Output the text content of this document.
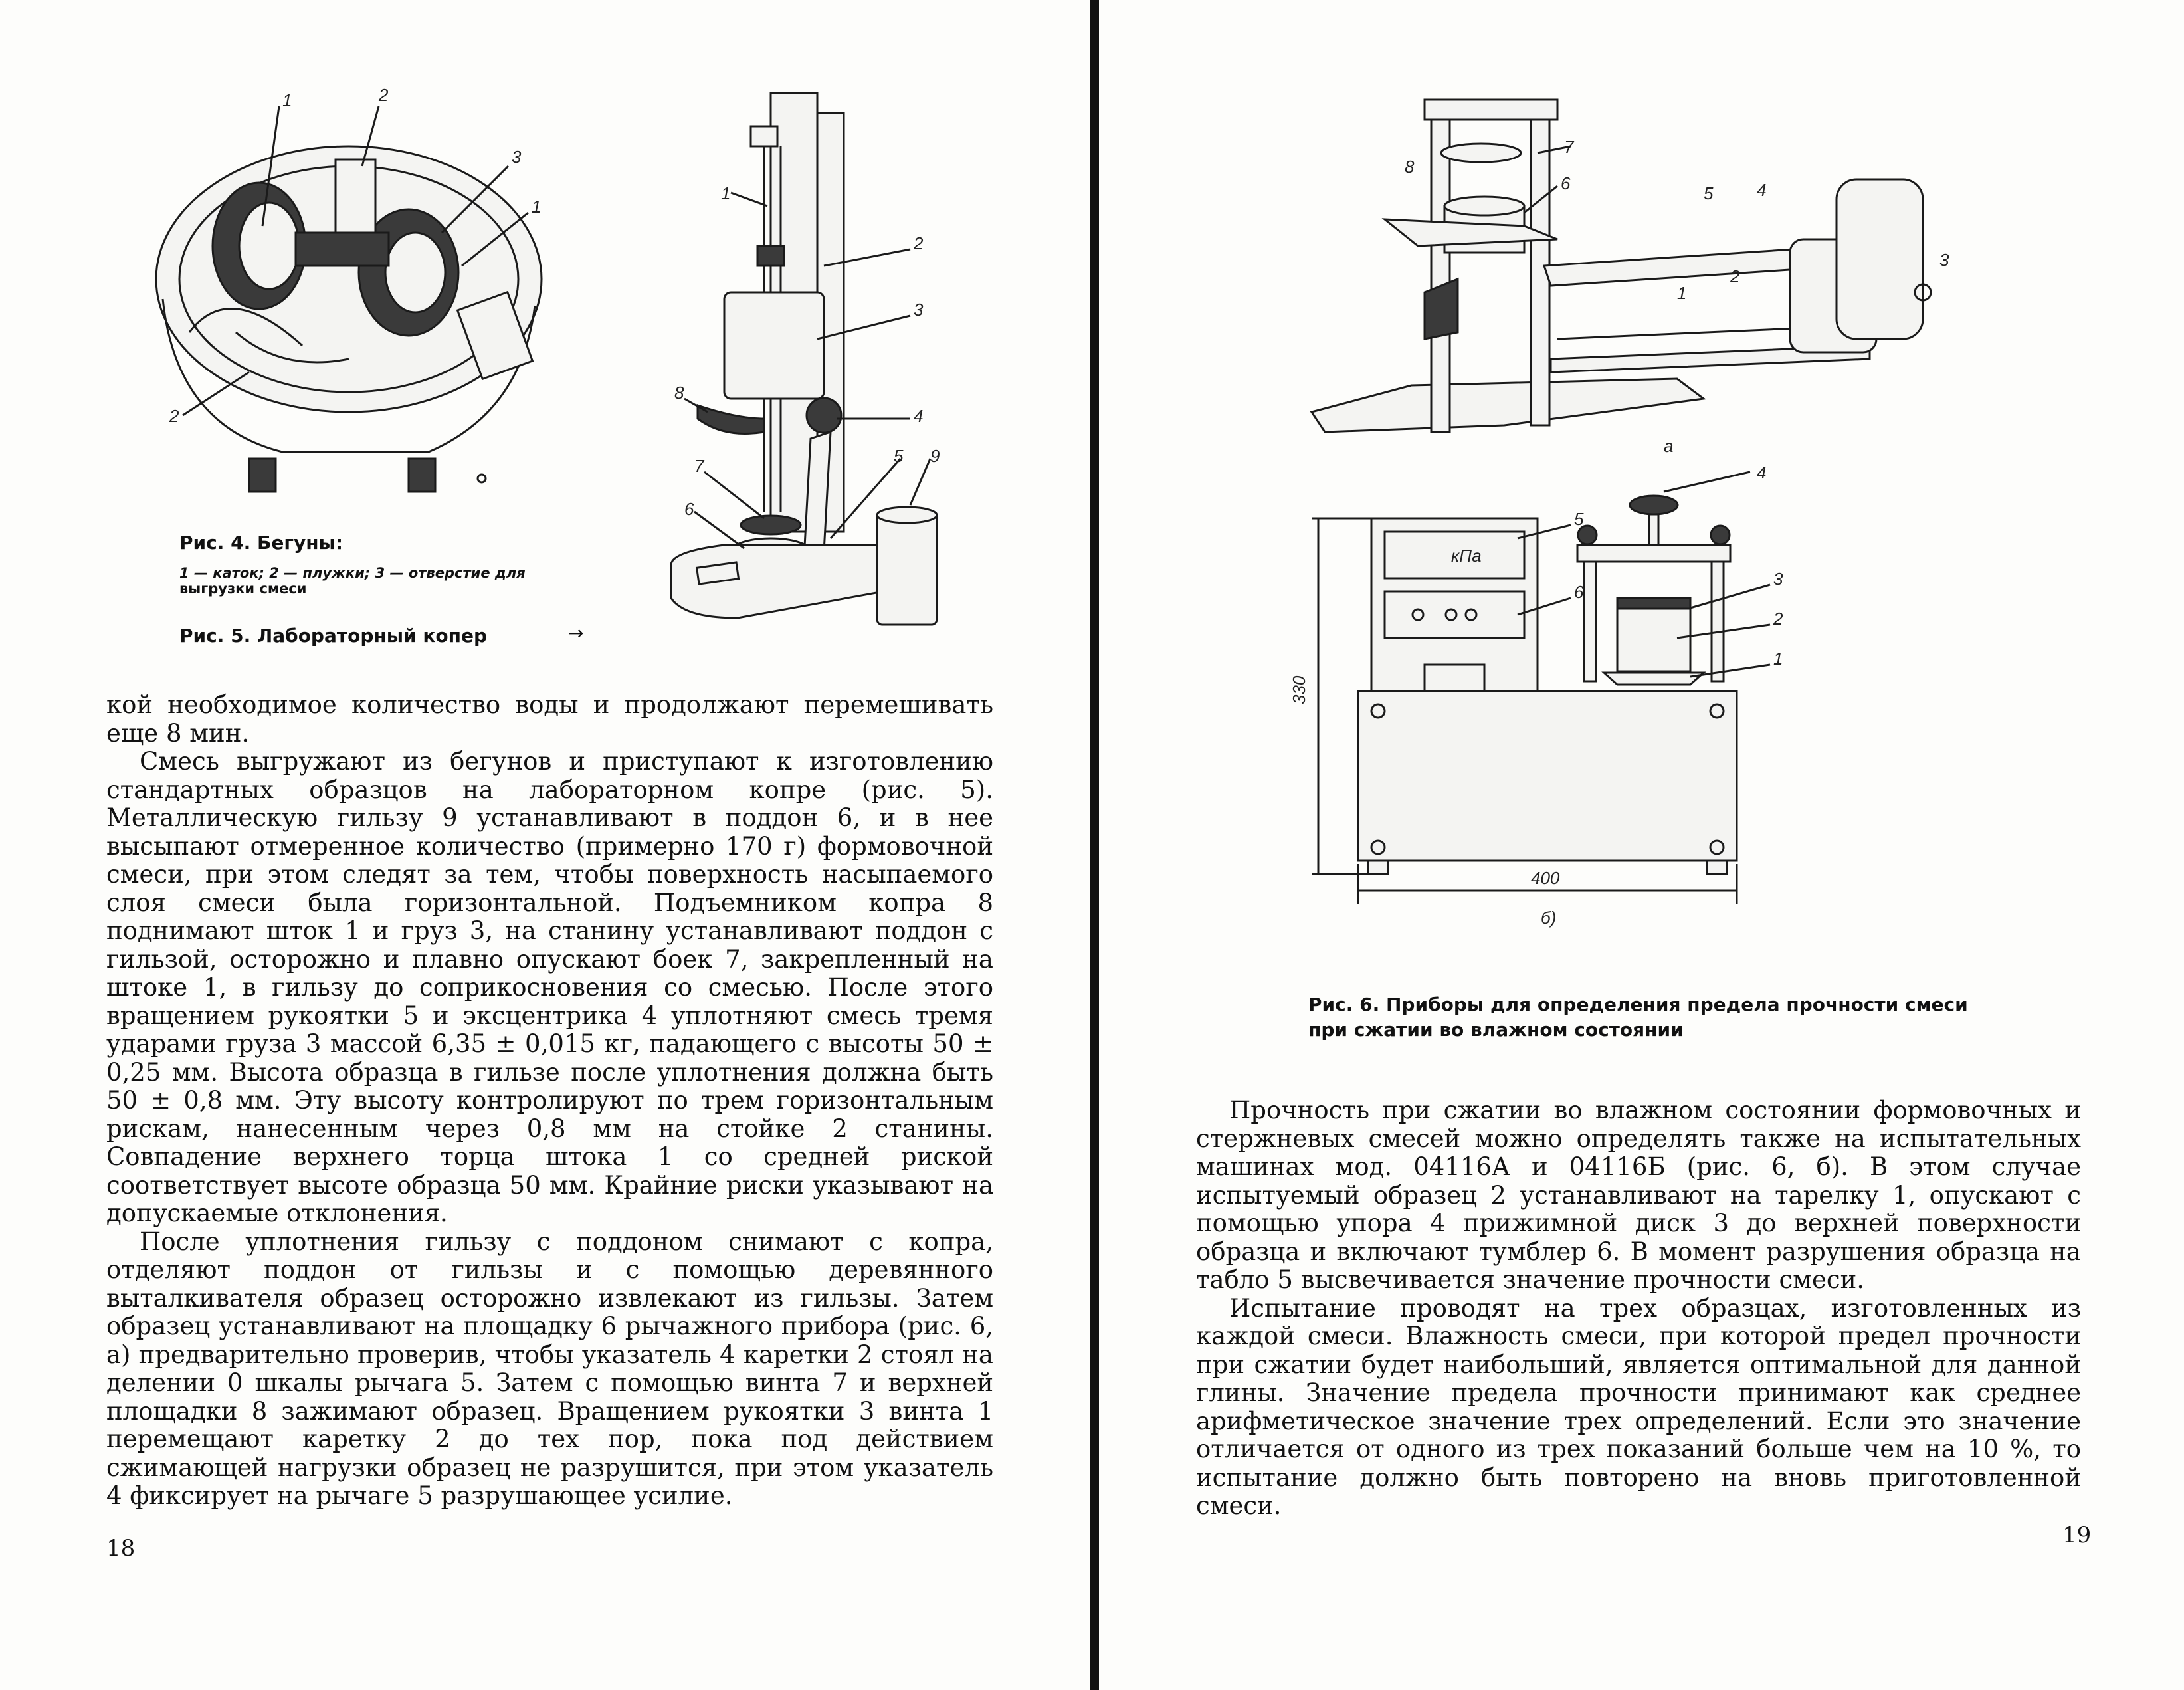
1	2
3
1
2
1
2
3
8
4
7	5 9
6
Рис. 4. Бегуны:
1 — каток; 2 — плужки; 3 — отверстие для
выгрузки смеси
Рис. 5. Лабораторный копер	→

кой необходимое количество воды и продолжают перемешивать еще 8 мин.

Смесь выгружают из бегунов и приступают к изготовлению стандартных образцов на лабораторном копре (рис. 5). Металлическую гильзу 9 устанавливают в поддон 6, и в нее высыпают отмеренное количество (примерно 170 г) формовочной смеси, при этом следят за тем, чтобы поверхность насыпаемого слоя смеси была горизонтальной. Подъемником копра 8 поднимают шток 1 и груз 3, на станину устанавливают поддон с гильзой, осторожно и плавно опускают боек 7, закрепленный на штоке 1, в гильзу до соприкосновения со смесью. После этого вращением рукоятки 5 и эксцентрика 4 уплотняют смесь тремя ударами груза 3 массой 6,35 ± 0,015 кг, падающего с высоты 50 ± 0,25 мм. Высота образца в гильзе после уплотнения должна быть 50 ± 0,8 мм. Эту высоту контролируют по трем горизонтальным рискам, нанесенным через 0,8 мм на стойке 2 станины. Совпадение верхнего торца штока 1 со средней риской соответствует высоте образца 50 мм. Крайние риски указывают на допускаемые отклонения.

После уплотнения гильзу с поддоном снимают с копра, отделяют поддон от гильзы и с помощью деревянного выталкивателя образец осторожно извлекают из гильзы. Затем образец устанавливают на площадку 6 рычажного прибора (рис. 6, а) предварительно проверив, чтобы указатель 4 каретки 2 стоял на делении 0 шкалы рычага 5. Затем с помощью винта 7 и верхней площадки 8 зажимают образец. Вращением рукоятки 3 винта 1 перемещают каретку 2 до тех пор, пока под действием сжимающей нагрузки образец не разрушится, при этом указатель 4 фиксирует на рычаге 5 разрушающее усилие.

18
8
7
6	5	4
3
2
1
а
кПа
330
400
б)
4
5
6
3
2
1
Рис. 6. Приборы для определения предела прочности смеси
при сжатии во влажном состоянии

Прочность при сжатии во влажном состоянии формовочных и стержневых смесей можно определять также на испытательных машинах мод. 04116А и 04116Б (рис. 6, б). В этом случае испытуемый образец 2 устанавливают на тарелку 1, опускают с помощью упора 4 прижимной диск 3 до верхней поверхности образца и включают тумблер 6. В момент разрушения образца на табло 5 высвечивается значение прочности смеси.

Испытание проводят на трех образцах, изготовленных из каждой смеси. Влажность смеси, при которой предел прочности при сжатии будет наибольший, является оптимальной для данной глины. Значение предела прочности принимают как среднее арифметическое значение трех определений. Если это значение отличается от одного из трех показаний больше чем на 10 %, то испытание должно быть повторено на вновь приготовленной смеси.

19
